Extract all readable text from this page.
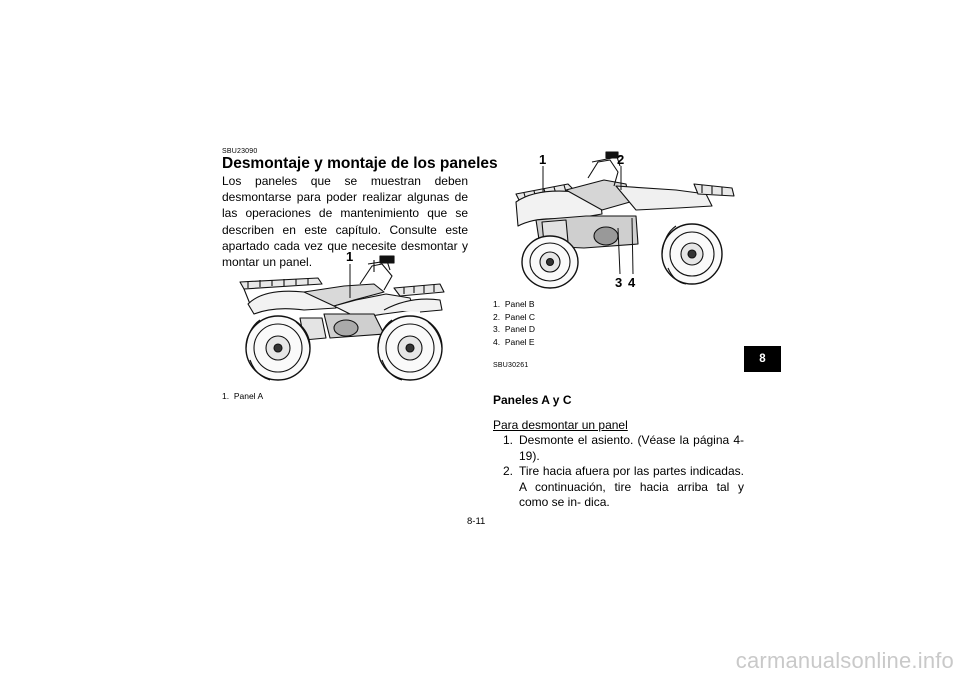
SBU23090
Desmontaje y montaje de los paneles

Los paneles que se muestran deben desmontarse para poder realizar algunas de las operaciones de mantenimiento que se describen en este capítulo. Consulte este apartado cada vez que necesite desmontar y montar un panel.	1
1. Panel A
1	2
3 4
1. Panel B
2. Panel C
3. Panel D
4. Panel E
SBU30261
Paneles A y C
Para desmontar un panel
1. Desmonte el asiento. (Véase la página 4-19).
2. Tire hacia afuera por las partes indicadas. A continuación, tire hacia arriba tal y como se in- dica.
8
8-11
carmanualsonline.info
